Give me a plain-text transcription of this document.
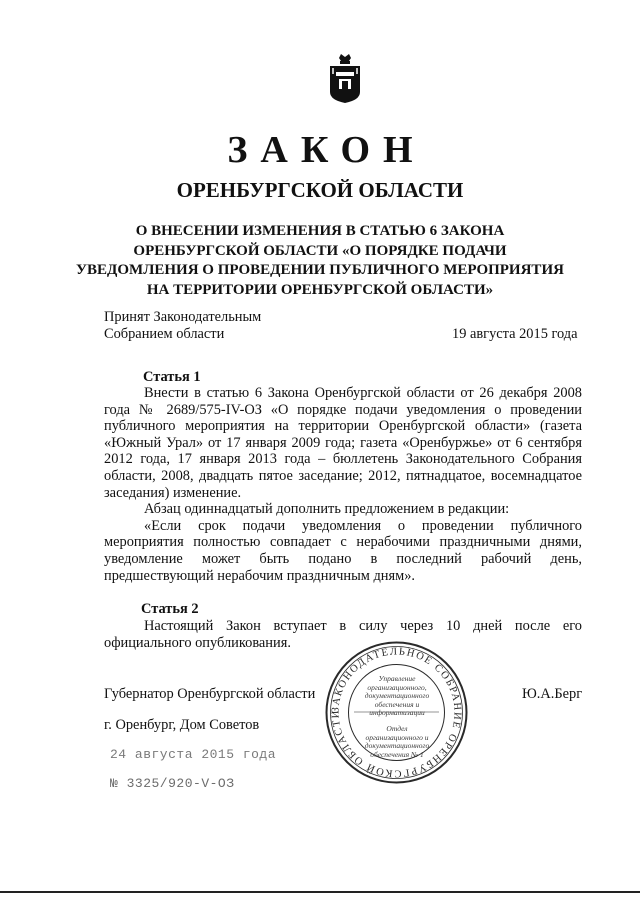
ЗАКОН
ОРЕНБУРГСКОЙ ОБЛАСТИ
О ВНЕСЕНИИ ИЗМЕНЕНИЯ В СТАТЬЮ 6 ЗАКОНА
ОРЕНБУРГСКОЙ ОБЛАСТИ «О ПОРЯДКЕ ПОДАЧИ
УВЕДОМЛЕНИЯ О ПРОВЕДЕНИИ ПУБЛИЧНОГО МЕРОПРИЯТИЯ
НА ТЕРРИТОРИИ ОРЕНБУРГСКОЙ ОБЛАСТИ»
Принят Законодательным
Собранием области	19 августа 2015 года
Статья 1

Внести в статью 6 Закона Оренбургской области от 26 декабря 2008 года № 2689/575-IV-ОЗ «О порядке подачи уведомления о проведении публичного мероприятия на территории Оренбургской области» (газета «Южный Урал» от 17 января 2009 года; газета «Оренбуржье» от 6 сентября 2012 года, 17 января 2013 года – бюллетень Законодательного Собрания области, 2008, двадцать пятое заседание; 2012, пятнадцатое, восемнадцатое заседания) изменение.

Абзац одиннадцатый дополнить предложением в редакции:

«Если срок подачи уведомления о проведении публичного мероприятия полностью совпадает с нерабочими праздничными днями, уведомление может быть подано в последний рабочий день, предшествующий нерабочим праздничным дням».

Статья 2

Настоящий Закон вступает в силу через 10 дней после его официального опубликования.

Губернатор Оренбургской области	Ю.А.Берг
г. Оренбург, Дом Советов
24 августа 2015 года
№ 3325/920-V-ОЗ
ЗАКОНОДАТЕЛЬНОЕ СОБРАНИЕ ОРЕНБУРГСКОЙ ОБЛАСТИ
Управление организационного, документационного обеспечения и информатизации
Отдел организационного и документационного обеспечения № 1
